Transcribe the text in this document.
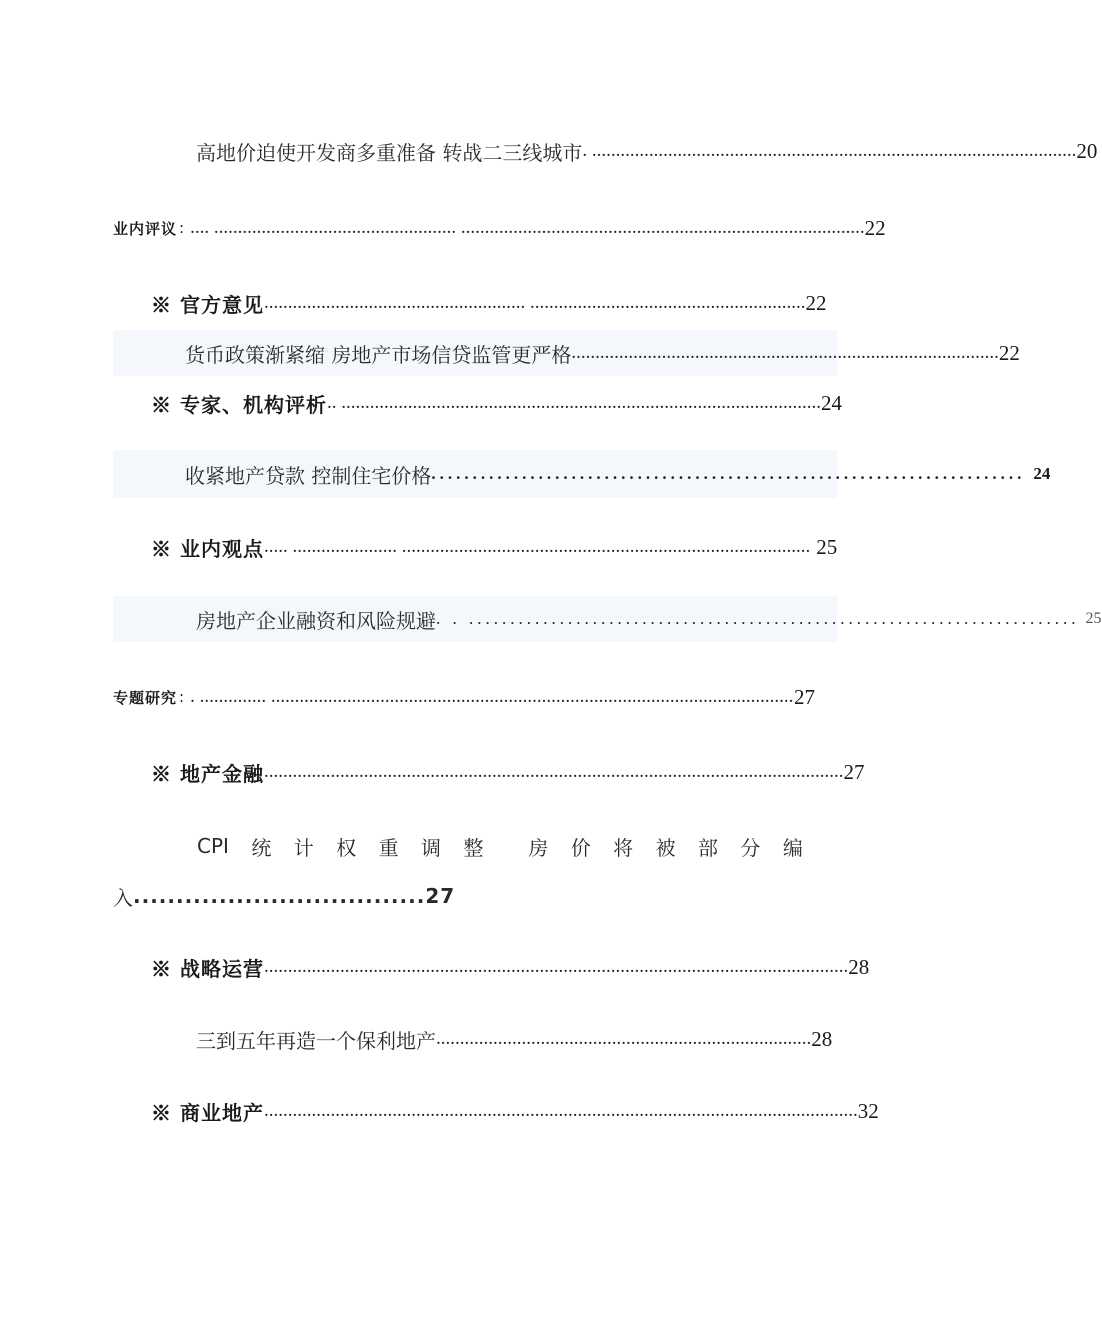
高地价迫使开发商多重准备 转战二三线城市 . ...................................................................................................... 20
业内评议 : .... ................................................... ..................................................................................... 22
※ 官方意见 ....................................................... .......................................................... 22
货币政策渐紧缩 房地产市场信贷监管更严格 .......................................................................................... 22
※ 专家、机构评析 .. ..................................................................................................... 24
收紧地产贷款 控制住宅价格 ........................................................................ 24
※ 业内观点 ..... ...................... ...................................................................................... 25
房地产企业融资和风险规避 . . .......................................................................... 25
专题研究 : . .............. .............................................................................................................. 27
※ 地产金融 .......................................................................................................................... 27
CPI 统 计 权 重 调 整 房 价 将 被 部 分 编
入 .................................. 27
※ 战略运营 ........................................................................................................................... 28
三到五年再造一个保利地产 ............................................................................... 28
※ 商业地产 ............................................................................................................................. 32
